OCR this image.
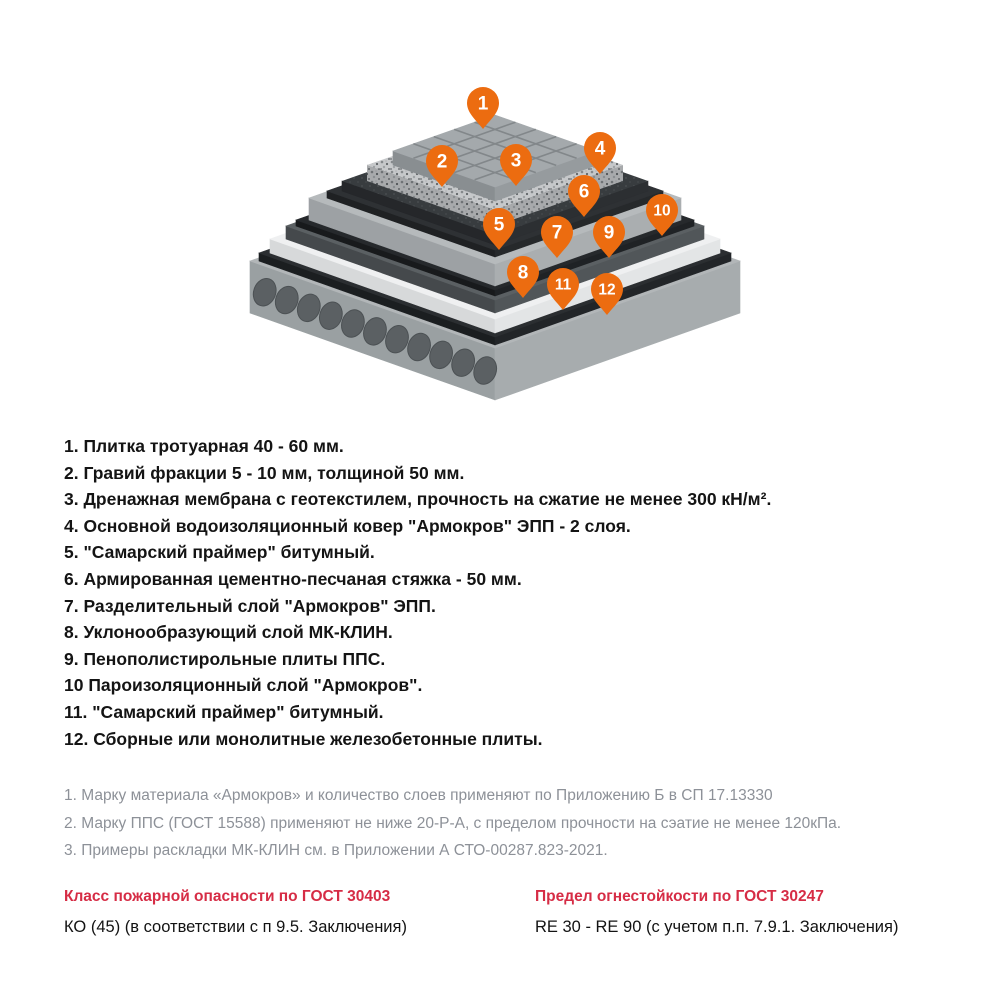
1
2	3
4
5
6
7
8
9
10
11 12
1. Плитка тротуарная 40 - 60 мм.
2. Гравий фракции 5 - 10 мм, толщиной 50 мм.
3. Дренажная мембрана с геотекстилем, прочность на сжатие не менее 300 кН/м².
4. Основной водоизоляционный ковер "Армокров" ЭПП - 2 слоя.
5. "Самарский праймер" битумный.
6. Армированная цементно-песчаная стяжка - 50 мм.
7. Разделительный слой "Армокров" ЭПП.
8. Уклонообразующий слой МК-КЛИН.
9. Пенополистирольные плиты ППС.
10 Пароизоляционный слой "Армокров".
11. "Самарский праймер" битумный.
12. Сборные или монолитные железобетонные плиты.
1. Марку материала «Армокров» и количество слоев применяют по Приложению Б в СП 17.13330
2. Марку ППС (ГОСТ 15588) применяют не ниже 20-Р-А, с пределом прочности на сэатие не менее 120кПа.
3. Примеры раскладки МК-КЛИН см. в Приложении А СТО-00287.823-2021.
Класс пожарной опасности по ГОСТ 30403
КО (45) (в соответствии с п 9.5. Заключения)
Предел огнестойкости по ГОСТ 30247
RE 30 - RE 90 (с учетом п.п. 7.9.1. Заключения)
